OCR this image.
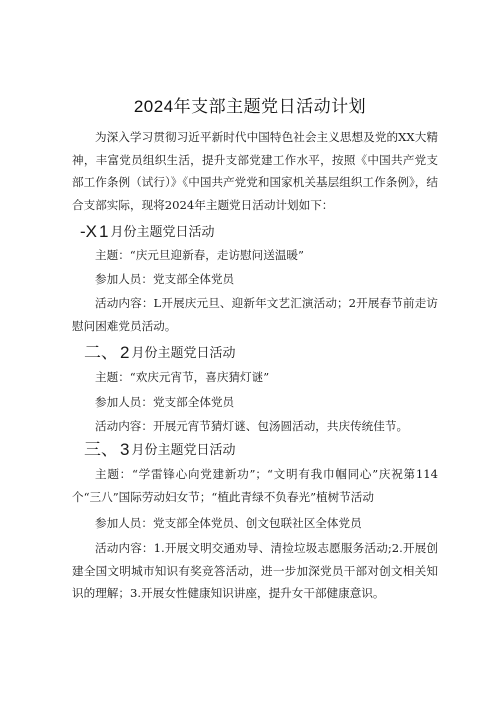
2024年支部主题党日活动计划

为深入学习贯彻习近平新时代中国特色社会主义思想及党的XX大精神，丰富党员组织生活，提升支部党建工作水平，按照《中国共产党支部工作条例（试行）》《中国共产党党和国家机关基层组织工作条例》，结合支部实际，现将2024年主题党日活动计划如下：

-X 1 月份主题党日活动

主题：“庆元旦迎新春，走访慰问送温暖”

参加人员：党支部全体党员

活动内容：L开展庆元旦、迎新年文艺汇演活动；2开展春节前走访慰问困难党员活动。

二、 2 月份主题党日活动

主题：“欢庆元宵节，喜庆猜灯谜”

参加人员：党支部全体党员

活动内容：开展元宵节猜灯谜、包汤圆活动，共庆传统佳节。

三、 3 月份主题党日活动

主题：“学雷锋心向党建新功”；“文明有我巾帼同心”庆祝第114个“三八”国际劳动妇女节；“植此青绿不负春光”植树节活动

参加人员：党支部全体党员、创文包联社区全体党员

活动内容：1.开展文明交通劝导、清捡垃圾志愿服务活动;2.开展创建全国文明城市知识有奖竞答活动，进一步加深党员干部对创文相关知识的理解；3.开展女性健康知识讲座，提升女干部健康意识。
